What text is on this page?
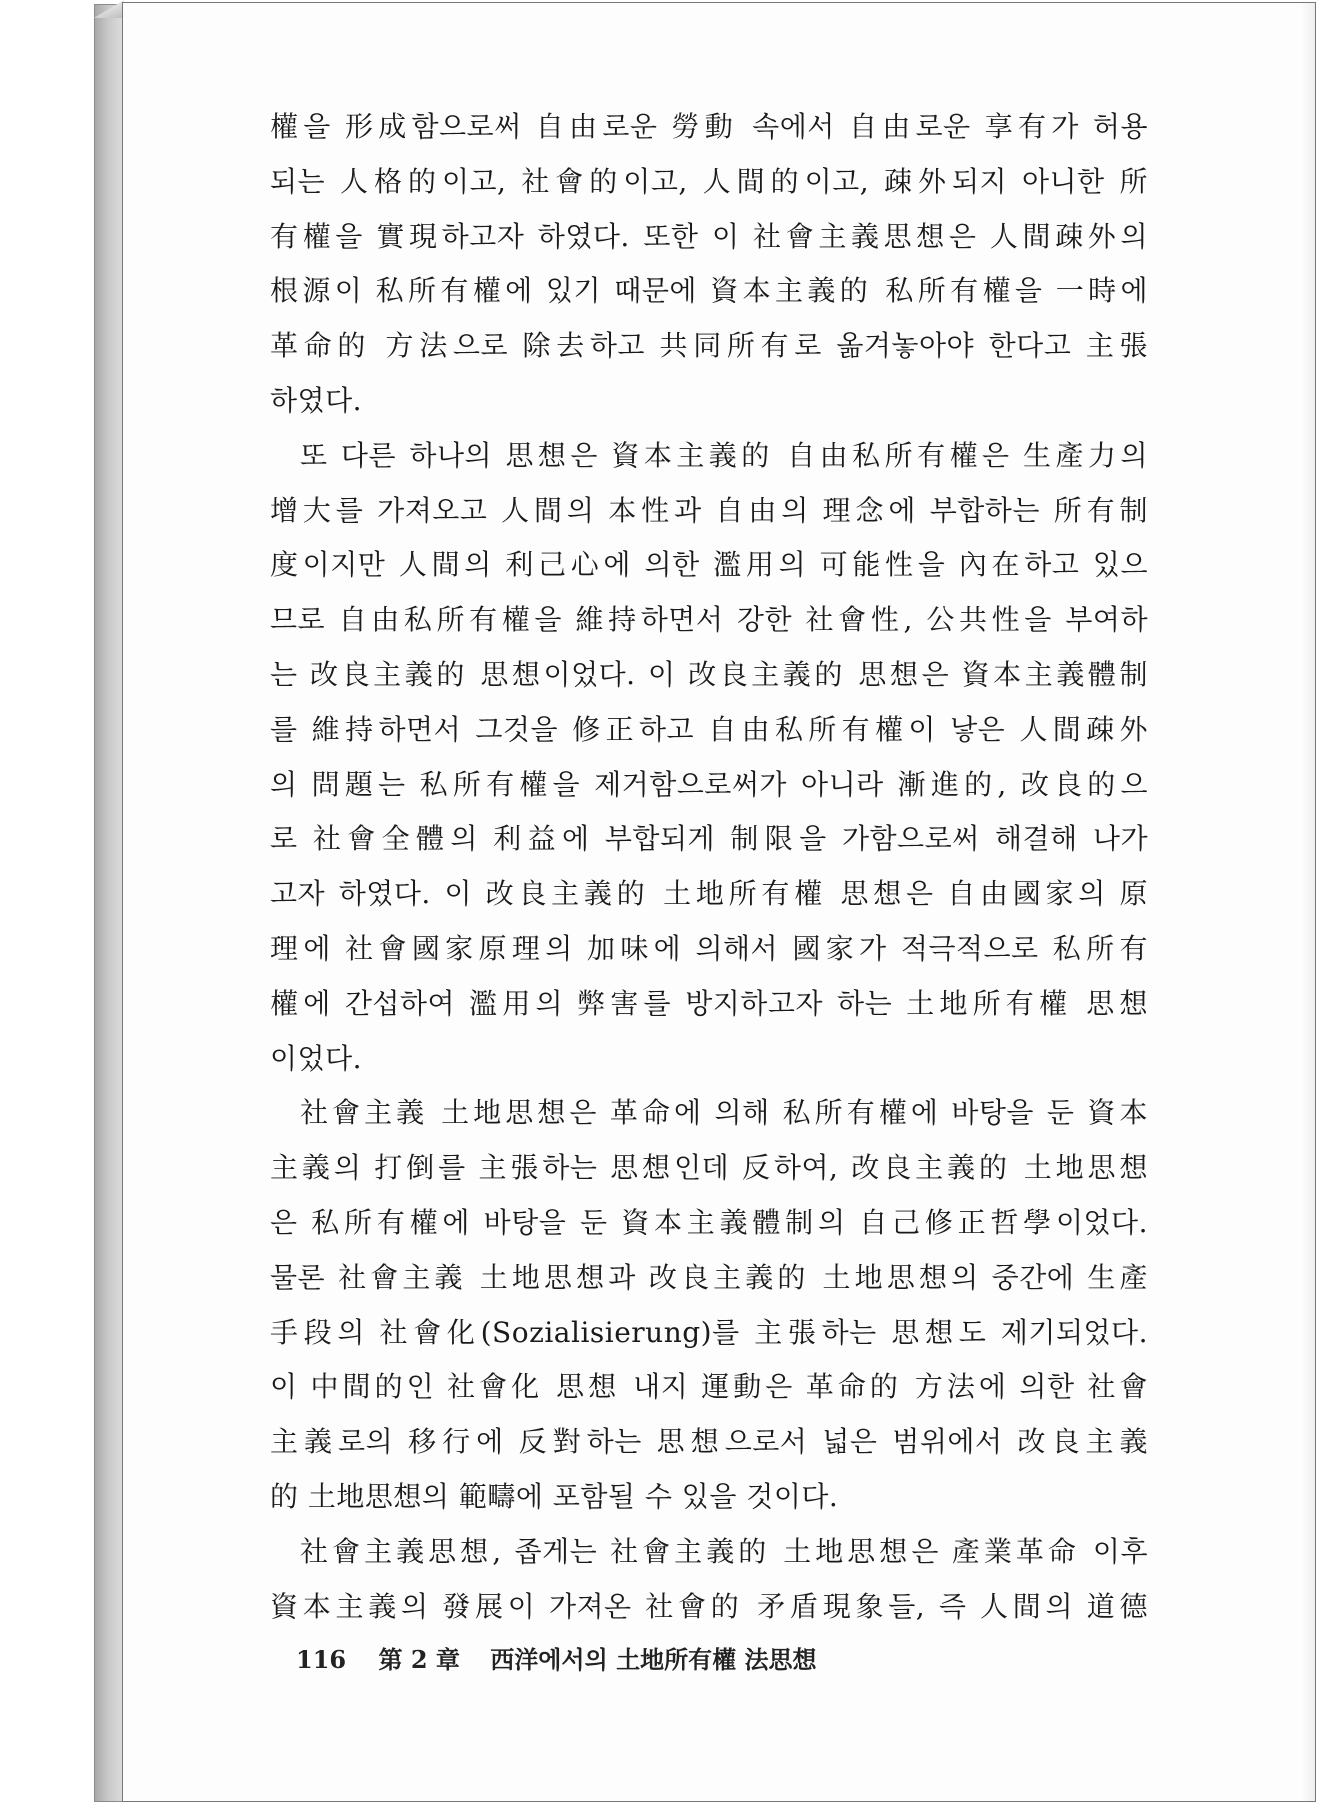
權을 形成함으로써 自由로운 勞動 속에서 自由로운 享有가 허용
되는 人格的이고, 社會的이고, 人間的이고, 疎外되지 아니한 所
有權을 實現하고자 하였다. 또한 이 社會主義思想은 人間疎外의
根源이 私所有權에 있기 때문에 資本主義的 私所有權을 一時에
革命的 方法으로 除去하고 共同所有로 옮겨놓아야 한다고 主張
하였다.
또 다른 하나의 思想은 資本主義的 自由私所有權은 生產力의
增大를 가져오고 人間의 本性과 自由의 理念에 부합하는 所有制
度이지만 人間의 利己心에 의한 濫用의 可能性을 內在하고 있으
므로 自由私所有權을 維持하면서 강한 社會性, 公共性을 부여하
는 改良主義的 思想이었다. 이 改良主義的 思想은 資本主義體制
를 維持하면서 그것을 修正하고 自由私所有權이 낳은 人間疎外
의 問題는 私所有權을 제거함으로써가 아니라 漸進的, 改良的으
로 社會全體의 利益에 부합되게 制限을 가함으로써 해결해 나가
고자 하였다. 이 改良主義的 土地所有權 思想은 自由國家의 原
理에 社會國家原理의 加味에 의해서 國家가 적극적으로 私所有
權에 간섭하여 濫用의 弊害를 방지하고자 하는 土地所有權 思想
이었다.
社會主義 土地思想은 革命에 의해 私所有權에 바탕을 둔 資本
主義의 打倒를 主張하는 思想인데 反하여, 改良主義的 土地思想
은 私所有權에 바탕을 둔 資本主義體制의 自己修正哲學이었다.
물론 社會主義 土地思想과 改良主義的 土地思想의 중간에 生產
手段의 社會化(Sozialisierung)를 主張하는 思想도 제기되었다.
이 中間的인 社會化 思想 내지 運動은 革命的 方法에 의한 社會
主義로의 移行에 反對하는 思想으로서 넓은 범위에서 改良主義
的 土地思想의 範疇에 포함될 수 있을 것이다.
社會主義思想, 좁게는 社會主義的 土地思想은 產業革命 이후
資本主義의 發展이 가져온 社會的 矛盾現象들, 즉 人間의 道德
116 第 2 章 西洋에서의 土地所有權 法思想
